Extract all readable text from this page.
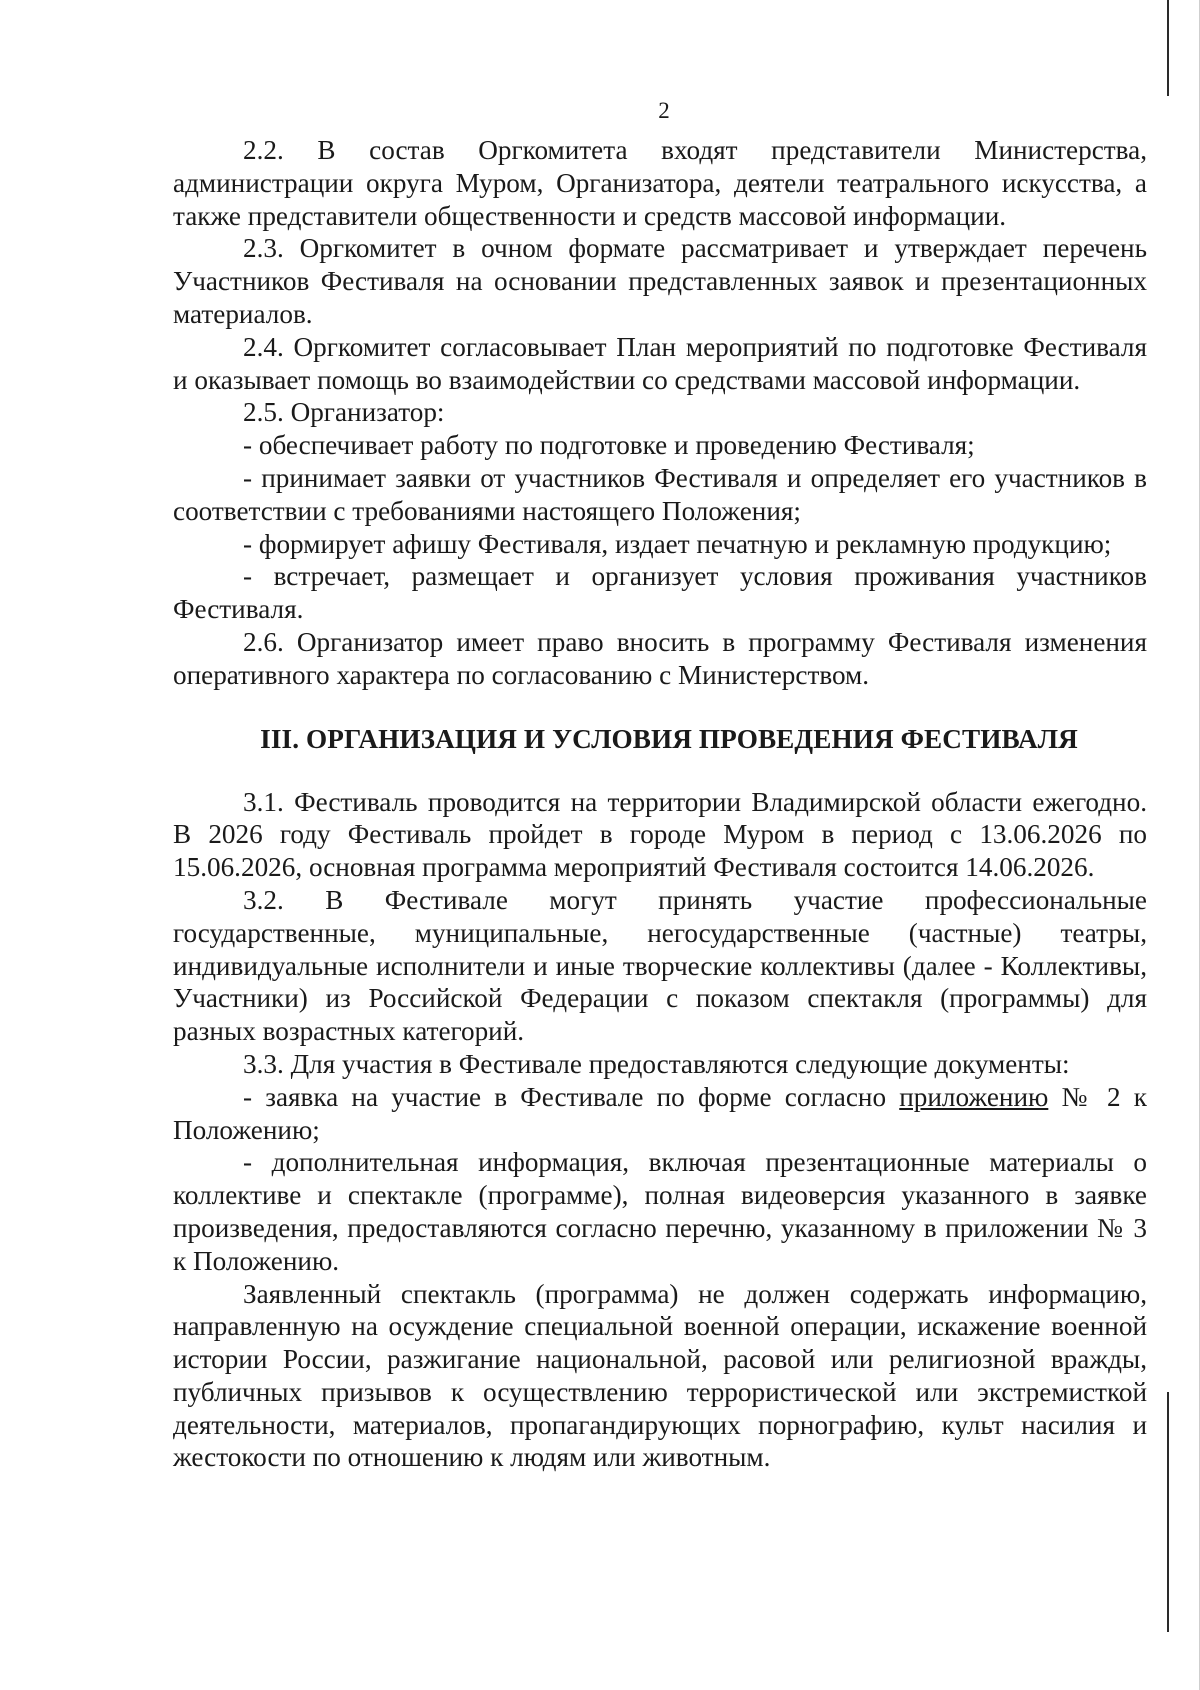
2

2.2. В состав Оргкомитета входят представители Министерства, администрации округа Муром, Организатора, деятели театрального искусства, а также представители общественности и средств массовой информации.

2.3. Оргкомитет в очном формате рассматривает и утверждает перечень Участников Фестиваля на основании представленных заявок и презентационных материалов.

2.4. Оргкомитет согласовывает План мероприятий по подготовке Фестиваля и оказывает помощь во взаимодействии со средствами массовой информации.

2.5. Организатор:

- обеспечивает работу по подготовке и проведению Фестиваля;

- принимает заявки от участников Фестиваля и определяет его участников в соответствии с требованиями настоящего Положения;

- формирует афишу Фестиваля, издает печатную и рекламную продукцию;

- встречает, размещает и организует условия проживания участников Фестиваля.

2.6. Организатор имеет право вносить в программу Фестиваля изменения оперативного характера по согласованию с Министерством.

III. ОРГАНИЗАЦИЯ И УСЛОВИЯ ПРОВЕДЕНИЯ ФЕСТИВАЛЯ

3.1. Фестиваль проводится на территории Владимирской области ежегодно. В 2026 году Фестиваль пройдет в городе Муром в период с 13.06.2026 по 15.06.2026, основная программа мероприятий Фестиваля состоится 14.06.2026.

3.2. В Фестивале могут принять участие профессиональные государственные, муниципальные, негосударственные (частные) театры, индивидуальные исполнители и иные творческие коллективы (далее - Коллективы, Участники) из Российской Федерации с показом спектакля (программы) для разных возрастных категорий.

3.3. Для участия в Фестивале предоставляются следующие документы:

- заявка на участие в Фестивале по форме согласно приложению № 2 к Положению;

- дополнительная информация, включая презентационные материалы о коллективе и спектакле (программе), полная видеоверсия указанного в заявке произведения, предоставляются согласно перечню, указанному в приложении № 3 к Положению.

Заявленный спектакль (программа) не должен содержать информацию, направленную на осуждение специальной военной операции, искажение военной истории России, разжигание национальной, расовой или религиозной вражды, публичных призывов к осуществлению террористической или экстремисткой деятельности, материалов, пропагандирующих порнографию, культ насилия и жестокости по отношению к людям или животным.
